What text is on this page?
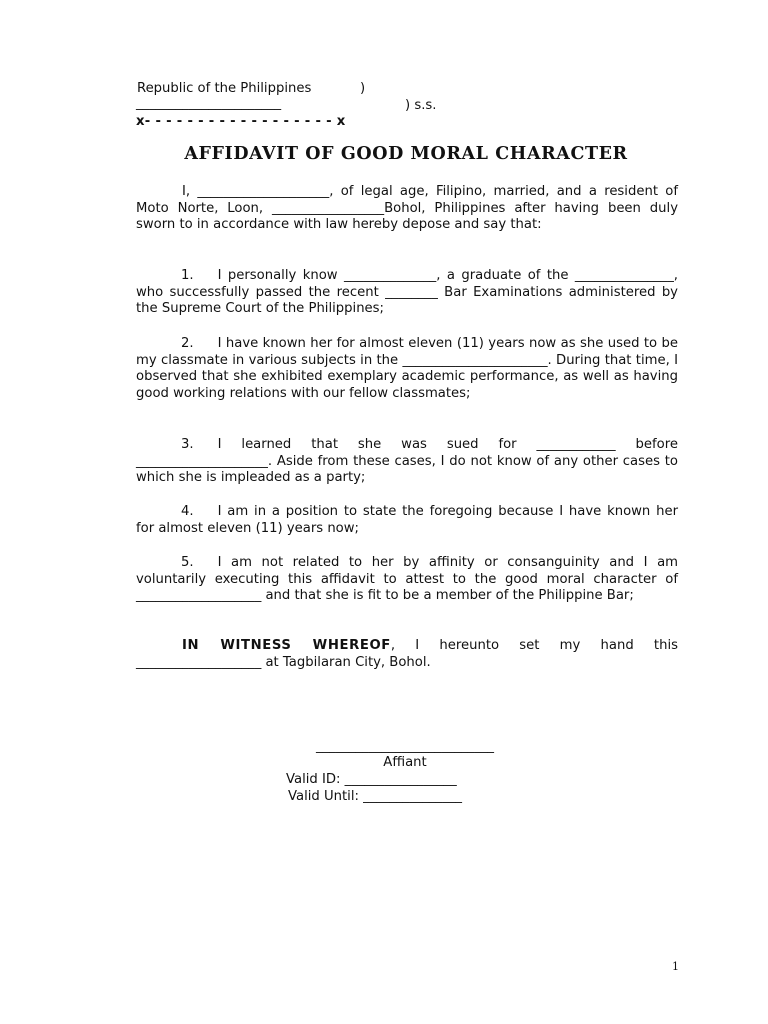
Republic of the Philippines	)
______________________	) s.s.
x- - - - - - - - - - - - - - - - - - x
AFFIDAVIT OF GOOD MORAL CHARACTER

I, ____________________, of legal age, Filipino, married, and a resident of Moto Norte, Loon, _________________Bohol, Philippines after having been duly sworn to in accordance with law hereby depose and say that:

1. I personally know ______________, a graduate of the _______________, who successfully passed the recent ________ Bar Examinations administered by the Supreme Court of the Philippines;

2. I have known her for almost eleven (11) years now as she used to be my classmate in various subjects in the ______________________. During that time, I observed that she exhibited exemplary academic performance, as well as having good working relations with our fellow classmates;

3. I learned that she was sued for ____________ before ____________________. Aside from these cases, I do not know of any other cases to which she is impleaded as a party;

4. I am in a position to state the foregoing because I have known her for almost eleven (11) years now;

5. I am not related to her by affinity or consanguinity and I am voluntarily executing this affidavit to attest to the good moral character of ___________________ and that she is fit to be a member of the Philippine Bar;

IN WITNESS WHEREOF, I hereunto set my hand this ___________________ at Tagbilaran City, Bohol.

___________________________
Affiant
Valid ID: _________________
Valid Until: _______________
1
